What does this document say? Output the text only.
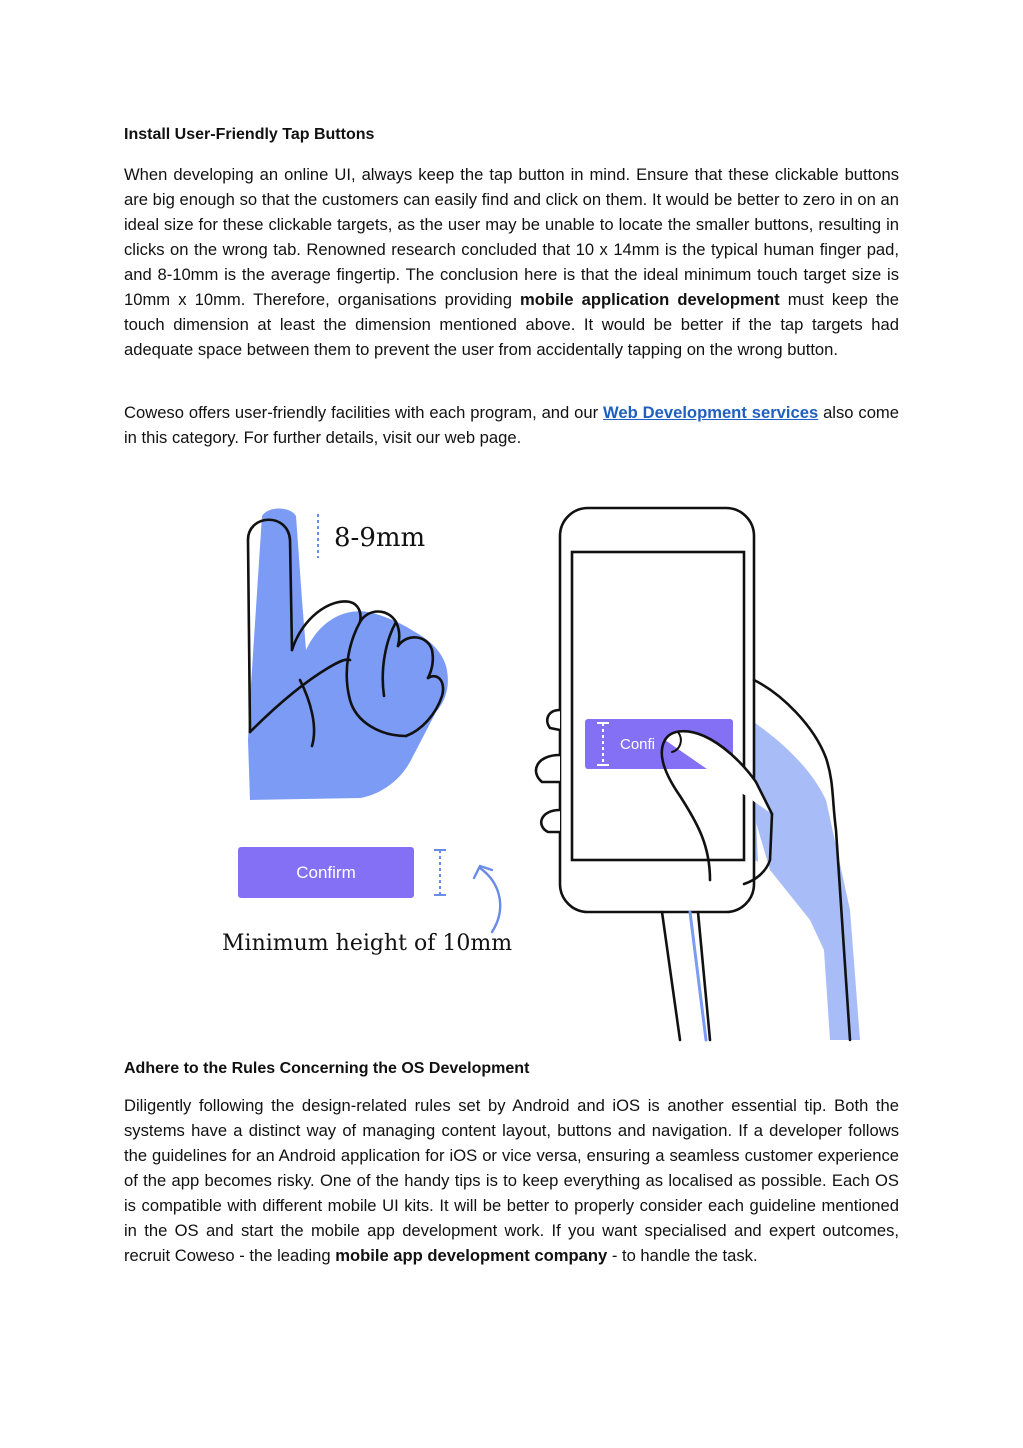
Install User-Friendly Tap Buttons

When developing an online UI, always keep the tap button in mind. Ensure that these clickable buttons are big enough so that the customers can easily find and click on them. It would be better to zero in on an ideal size for these clickable targets, as the user may be unable to locate the smaller buttons, resulting in clicks on the wrong tab. Renowned research concluded that 10 x 14mm is the typical human finger pad, and 8-10mm is the average fingertip. The conclusion here is that the ideal minimum touch target size is 10mm x 10mm. Therefore, organisations providing mobile application development must keep the touch dimension at least the dimension mentioned above. It would be better if the tap targets had adequate space between them to prevent the user from accidentally tapping on the wrong button.

Coweso offers user-friendly facilities with each program, and our Web Development services also come in this category. For further details, visit our web page.

8-9mm
Confirm
Minimum height of 10mm
Confi
Adhere to the Rules Concerning the OS Development

Diligently following the design-related rules set by Android and iOS is another essential tip. Both the systems have a distinct way of managing content layout, buttons and navigation. If a developer follows the guidelines for an Android application for iOS or vice versa, ensuring a seamless customer experience of the app becomes risky. One of the handy tips is to keep everything as localised as possible. Each OS is compatible with different mobile UI kits. It will be better to properly consider each guideline mentioned in the OS and start the mobile app development work. If you want specialised and expert outcomes, recruit Coweso - the leading mobile app development company - to handle the task.
